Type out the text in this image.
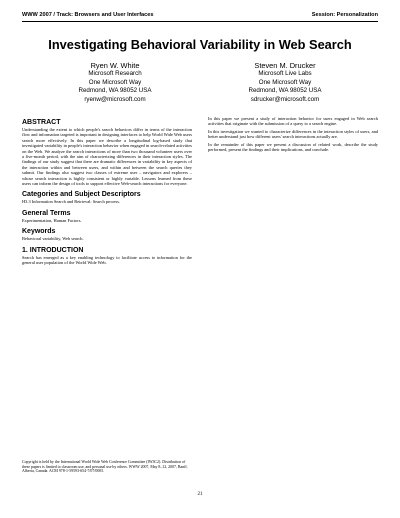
WWW 2007 / Track: Browsers and User Interfaces	Session: Personalization
Investigating Behavioral Variability in Web Search
Ryen W. White
Microsoft Research
One Microsoft Way
Redmond, WA 98052 USA
ryenw@microsoft.com
Steven M. Drucker
Microsoft Live Labs
One Microsoft Way
Redmond, WA 98052 USA
sdrucker@microsoft.com
ABSTRACT

Understanding the extent to which people's search behaviors differ in terms of the interaction flow and information targeted is important in designing interfaces to help World Wide Web users search more effectively. In this paper we describe a longitudinal log-based study that investigated variability in people's interaction behavior when engaged in search-related activities on the Web. We analyze the search interactions of more than two thousand volunteer users over a five-month period, with the aim of characterizing differences in their interaction styles. The findings of our study suggest that there are dramatic differences in variability in key aspects of the interaction within and between users, and within and between the search queries they submit. Our findings also suggest two classes of extreme user – navigators and explorers – whose search interaction is highly consistent or highly variable. Lessons learned from these users can inform the design of tools to support effective Web-search interactions for everyone.

Categories and Subject Descriptors

H3.3 Information Search and Retrieval: Search process.

General Terms

Experimentation, Human Factors.

Keywords

Behavioral variability, Web search.

1. INTRODUCTION

Search has emerged as a key enabling technology to facilitate access to information for the general user population of the World Wide Web.

Copyright is held by the International World Wide Web Conference Committee (IW3C2). Distribution of these papers is limited to classroom use, and personal use by others. WWW 2007, May 8–12, 2007, Banff, Alberta, Canada. ACM 978-1-59593-654-7/07/0005.

In this paper we present a study of interaction behavior for users engaged in Web search activities that originate with the submission of a query to a search engine.

In this investigation we wanted to characterize differences in the interaction styles of users, and better understand just how different users' search interactions actually are.

In the remainder of this paper we present a discussion of related work, describe the study performed, present the findings and their implications, and conclude.

21
